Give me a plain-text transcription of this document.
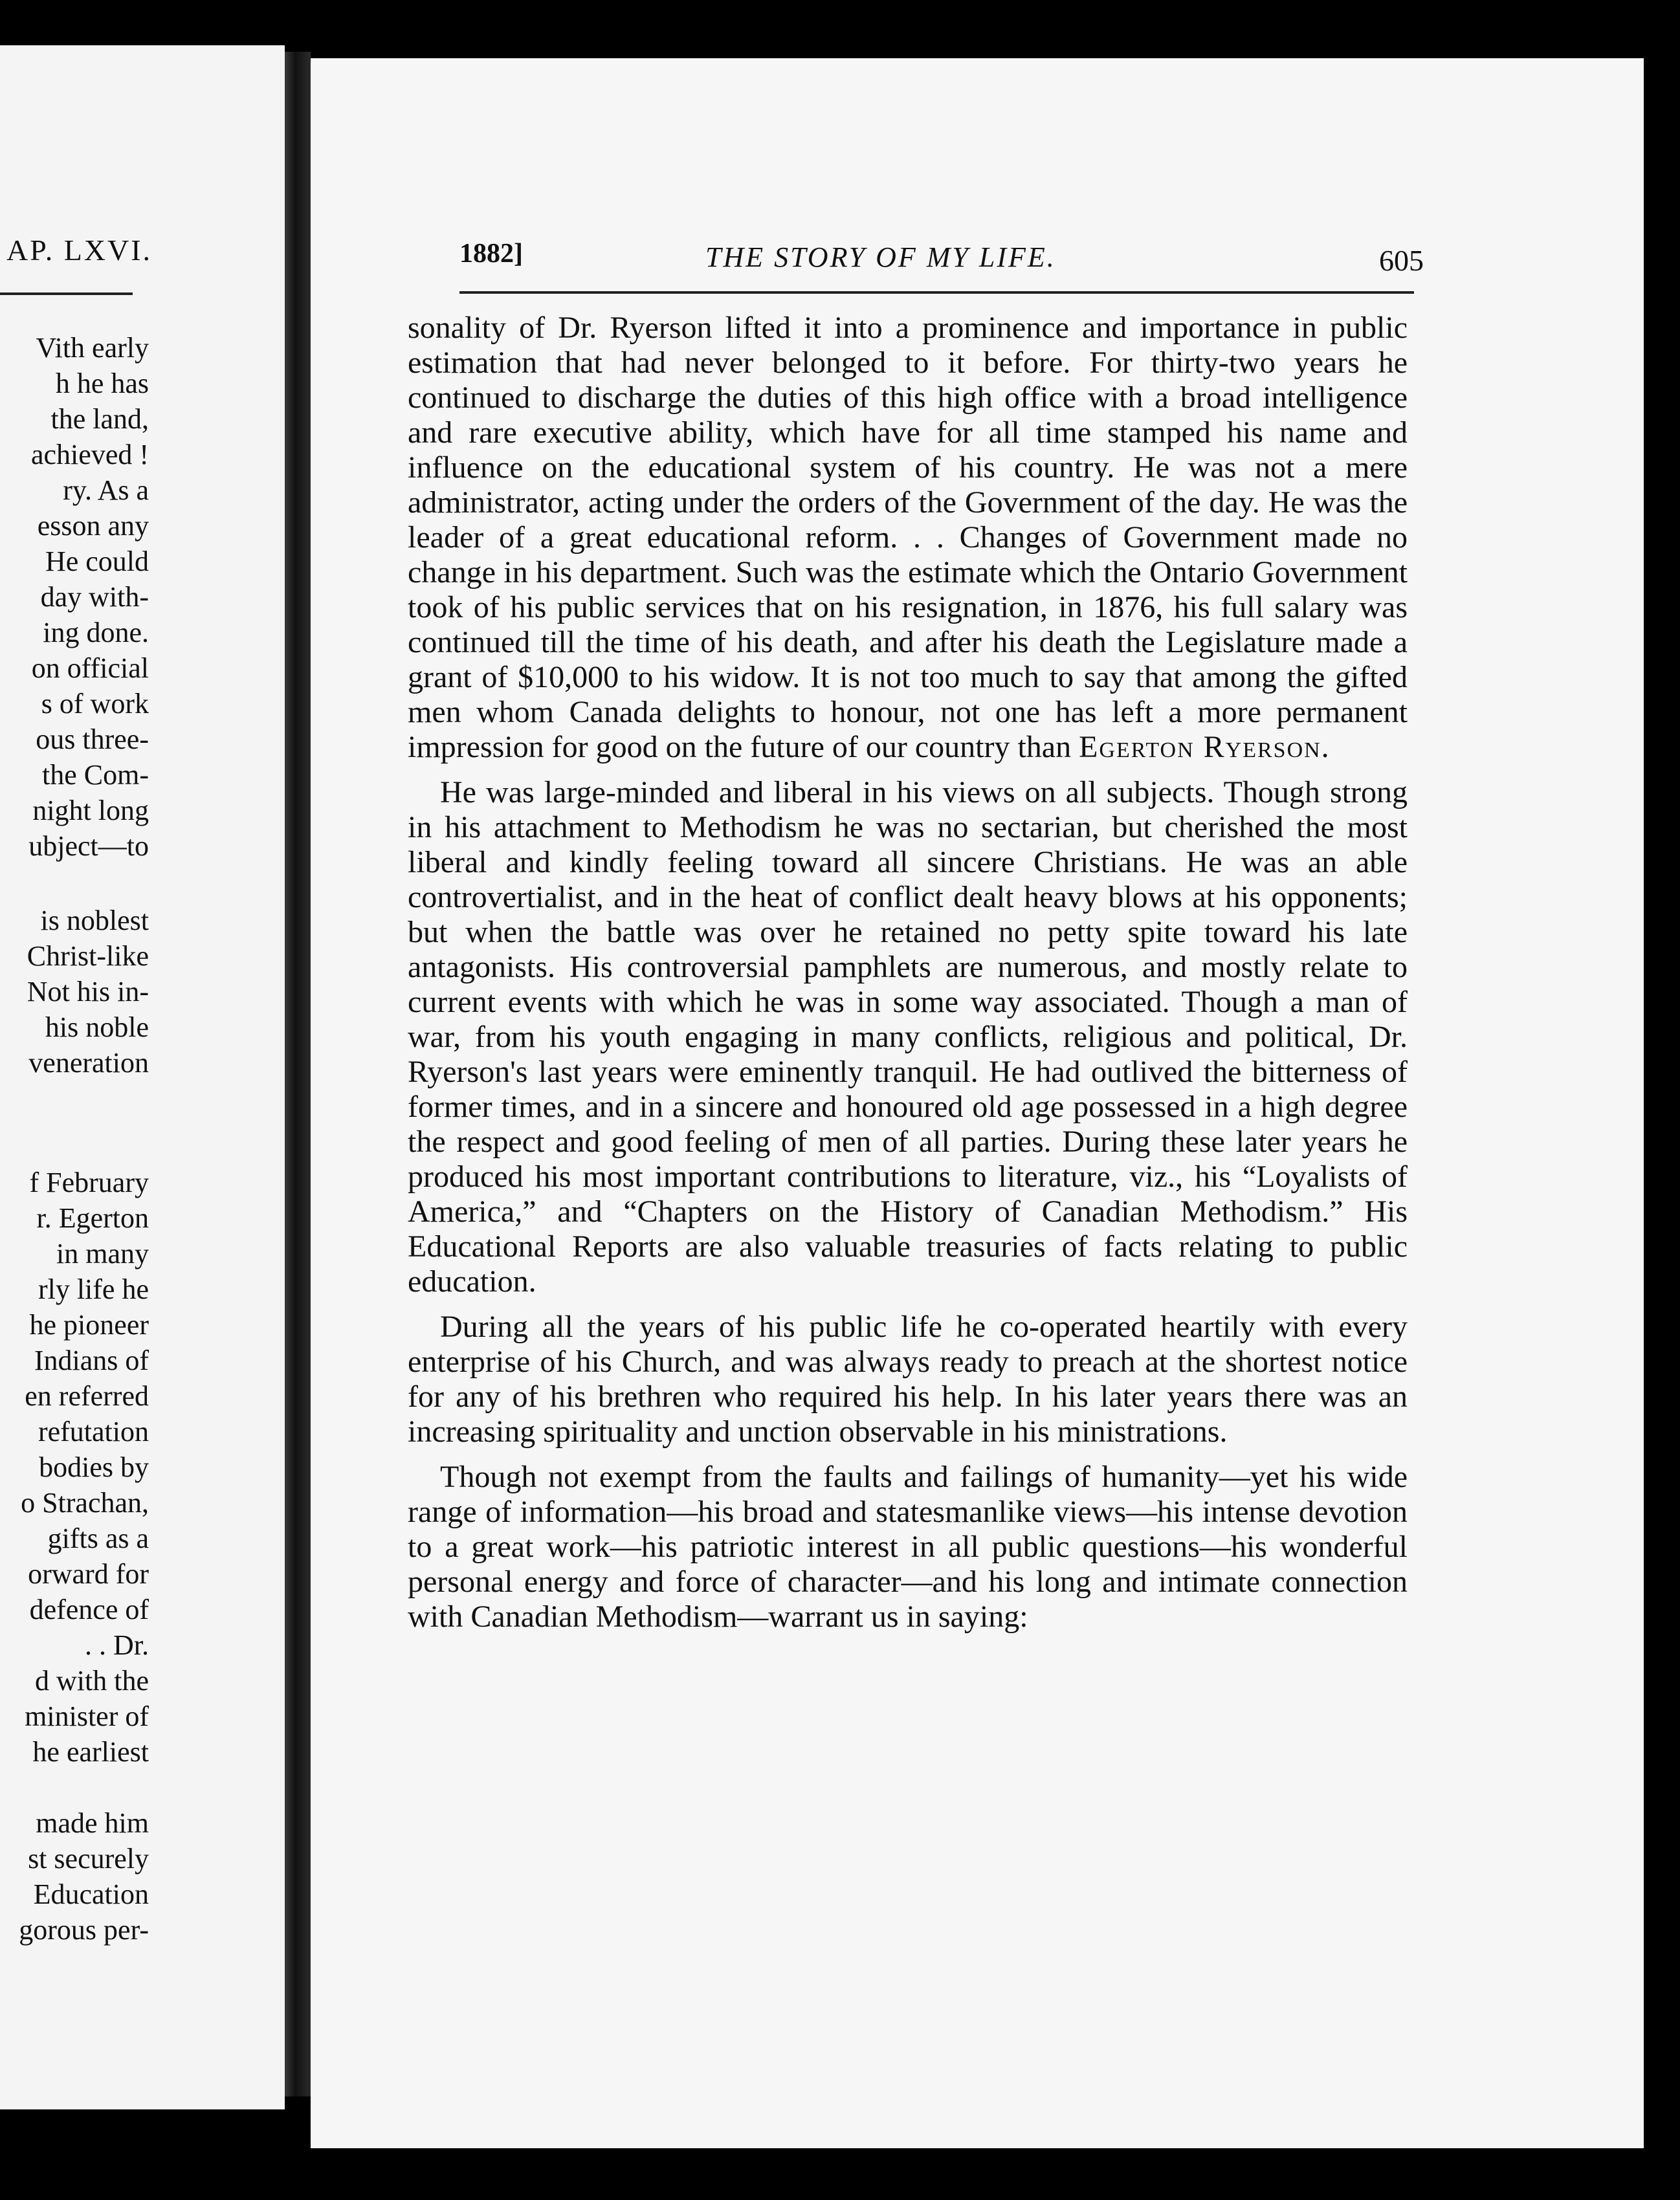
AP. LXVI.
Vith early
h he has
the land,
achieved !
ry. As a
esson any
He could
day with-
ing done.
on official
s of work
ous three-
the Com-
night long
ubject—to
is noblest
Christ-like
Not his in-
his noble
veneration
f February
r. Egerton
in many
rly life he
he pioneer
Indians of
en referred
refutation
bodies by
o Strachan,
gifts as a
orward for
defence of
. . Dr.
d with the
minister of
he earliest
made him
st securely
Education
gorous per-
1882]	THE STORY OF MY LIFE.	605

sonality of Dr. Ryerson lifted it into a prominence and importance in public estimation that had never belonged to it before. For thirty-two years he continued to discharge the duties of this high office with a broad intelligence and rare executive ability, which have for all time stamped his name and influence on the educational system of his country. He was not a mere administrator, acting under the orders of the Government of the day. He was the leader of a great educational reform. . . Changes of Government made no change in his department. Such was the estimate which the Ontario Government took of his public services that on his resignation, in 1876, his full salary was continued till the time of his death, and after his death the Legislature made a grant of $10,000 to his widow. It is not too much to say that among the gifted men whom Canada delights to honour, not one has left a more permanent impression for good on the future of our country than Egerton Ryerson.

He was large-minded and liberal in his views on all subjects. Though strong in his attachment to Methodism he was no sectarian, but cherished the most liberal and kindly feeling toward all sincere Christians. He was an able controvertialist, and in the heat of conflict dealt heavy blows at his opponents; but when the battle was over he retained no petty spite toward his late antagonists. His controversial pamphlets are numerous, and mostly relate to current events with which he was in some way associated. Though a man of war, from his youth engaging in many conflicts, religious and political, Dr. Ryerson's last years were eminently tranquil. He had outlived the bitterness of former times, and in a sincere and honoured old age possessed in a high degree the respect and good feeling of men of all parties. During these later years he produced his most important contributions to literature, viz., his “Loyalists of America,” and “Chapters on the History of Canadian Methodism.” His Educational Reports are also valuable treasuries of facts relating to public education.

During all the years of his public life he co-operated heartily with every enterprise of his Church, and was always ready to preach at the shortest notice for any of his brethren who required his help. In his later years there was an increasing spirituality and unction observable in his ministrations.

Though not exempt from the faults and failings of humanity—yet his wide range of information—his broad and statesmanlike views—his intense devotion to a great work—his patriotic interest in all public questions—his wonderful personal energy and force of character—and his long and intimate connection with Canadian Methodism—warrant us in saying:
